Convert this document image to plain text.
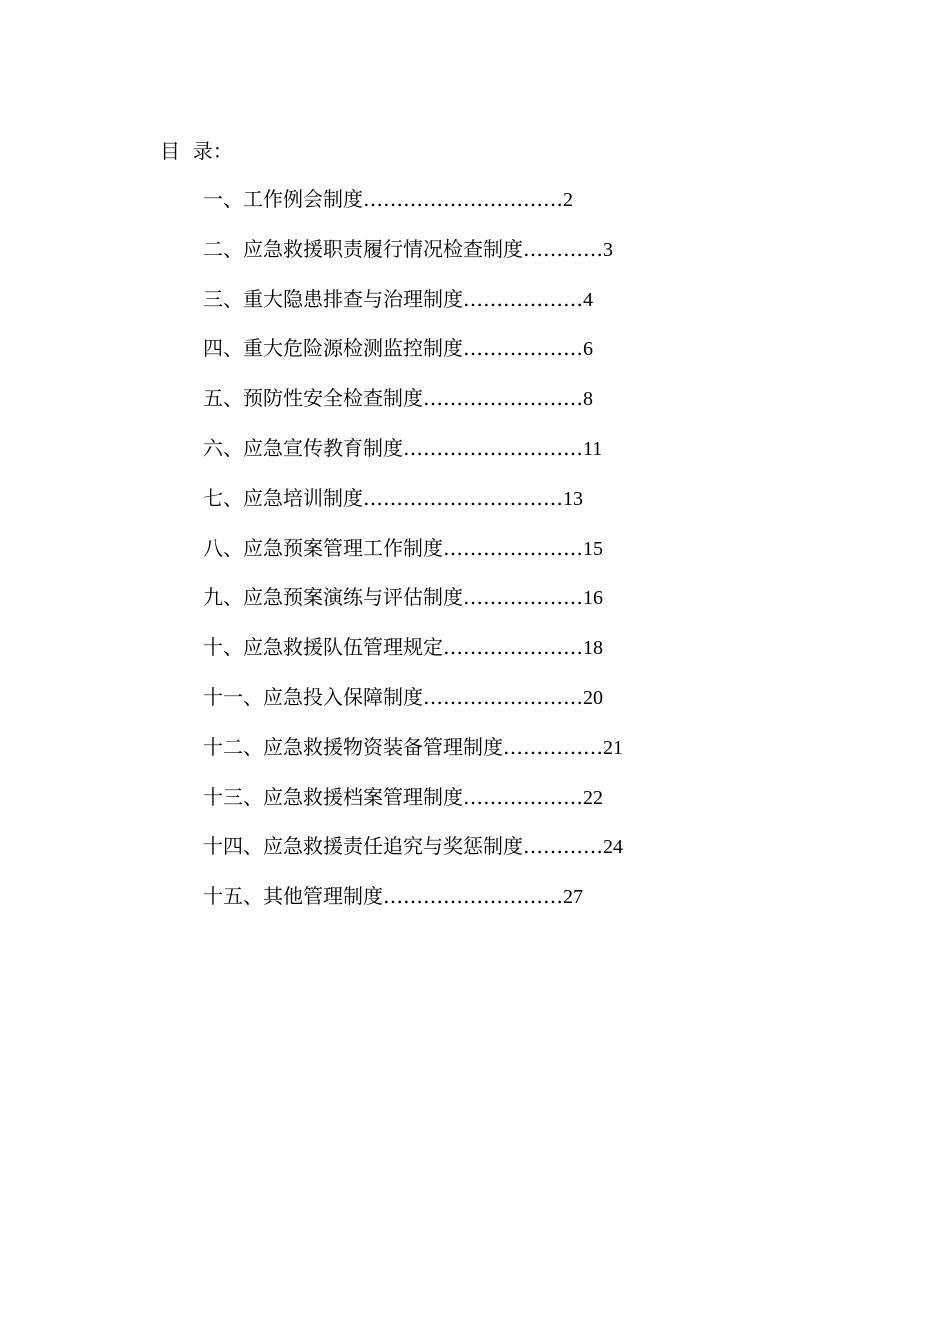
目  录：
一、工作例会制度…………………………2
二、应急救援职责履行情况检查制度…………3
三、重大隐患排查与治理制度………………4
四、重大危险源检测监控制度………………6
五、预防性安全检查制度……………………8
六、应急宣传教育制度………………………11
七、应急培训制度…………………………13
八、应急预案管理工作制度…………………15
九、应急预案演练与评估制度………………16
十、应急救援队伍管理规定…………………18
十一、应急投入保障制度……………………20
十二、应急救援物资装备管理制度……………21
十三、应急救援档案管理制度………………22
十四、应急救援责任追究与奖惩制度…………24
十五、其他管理制度………………………27
